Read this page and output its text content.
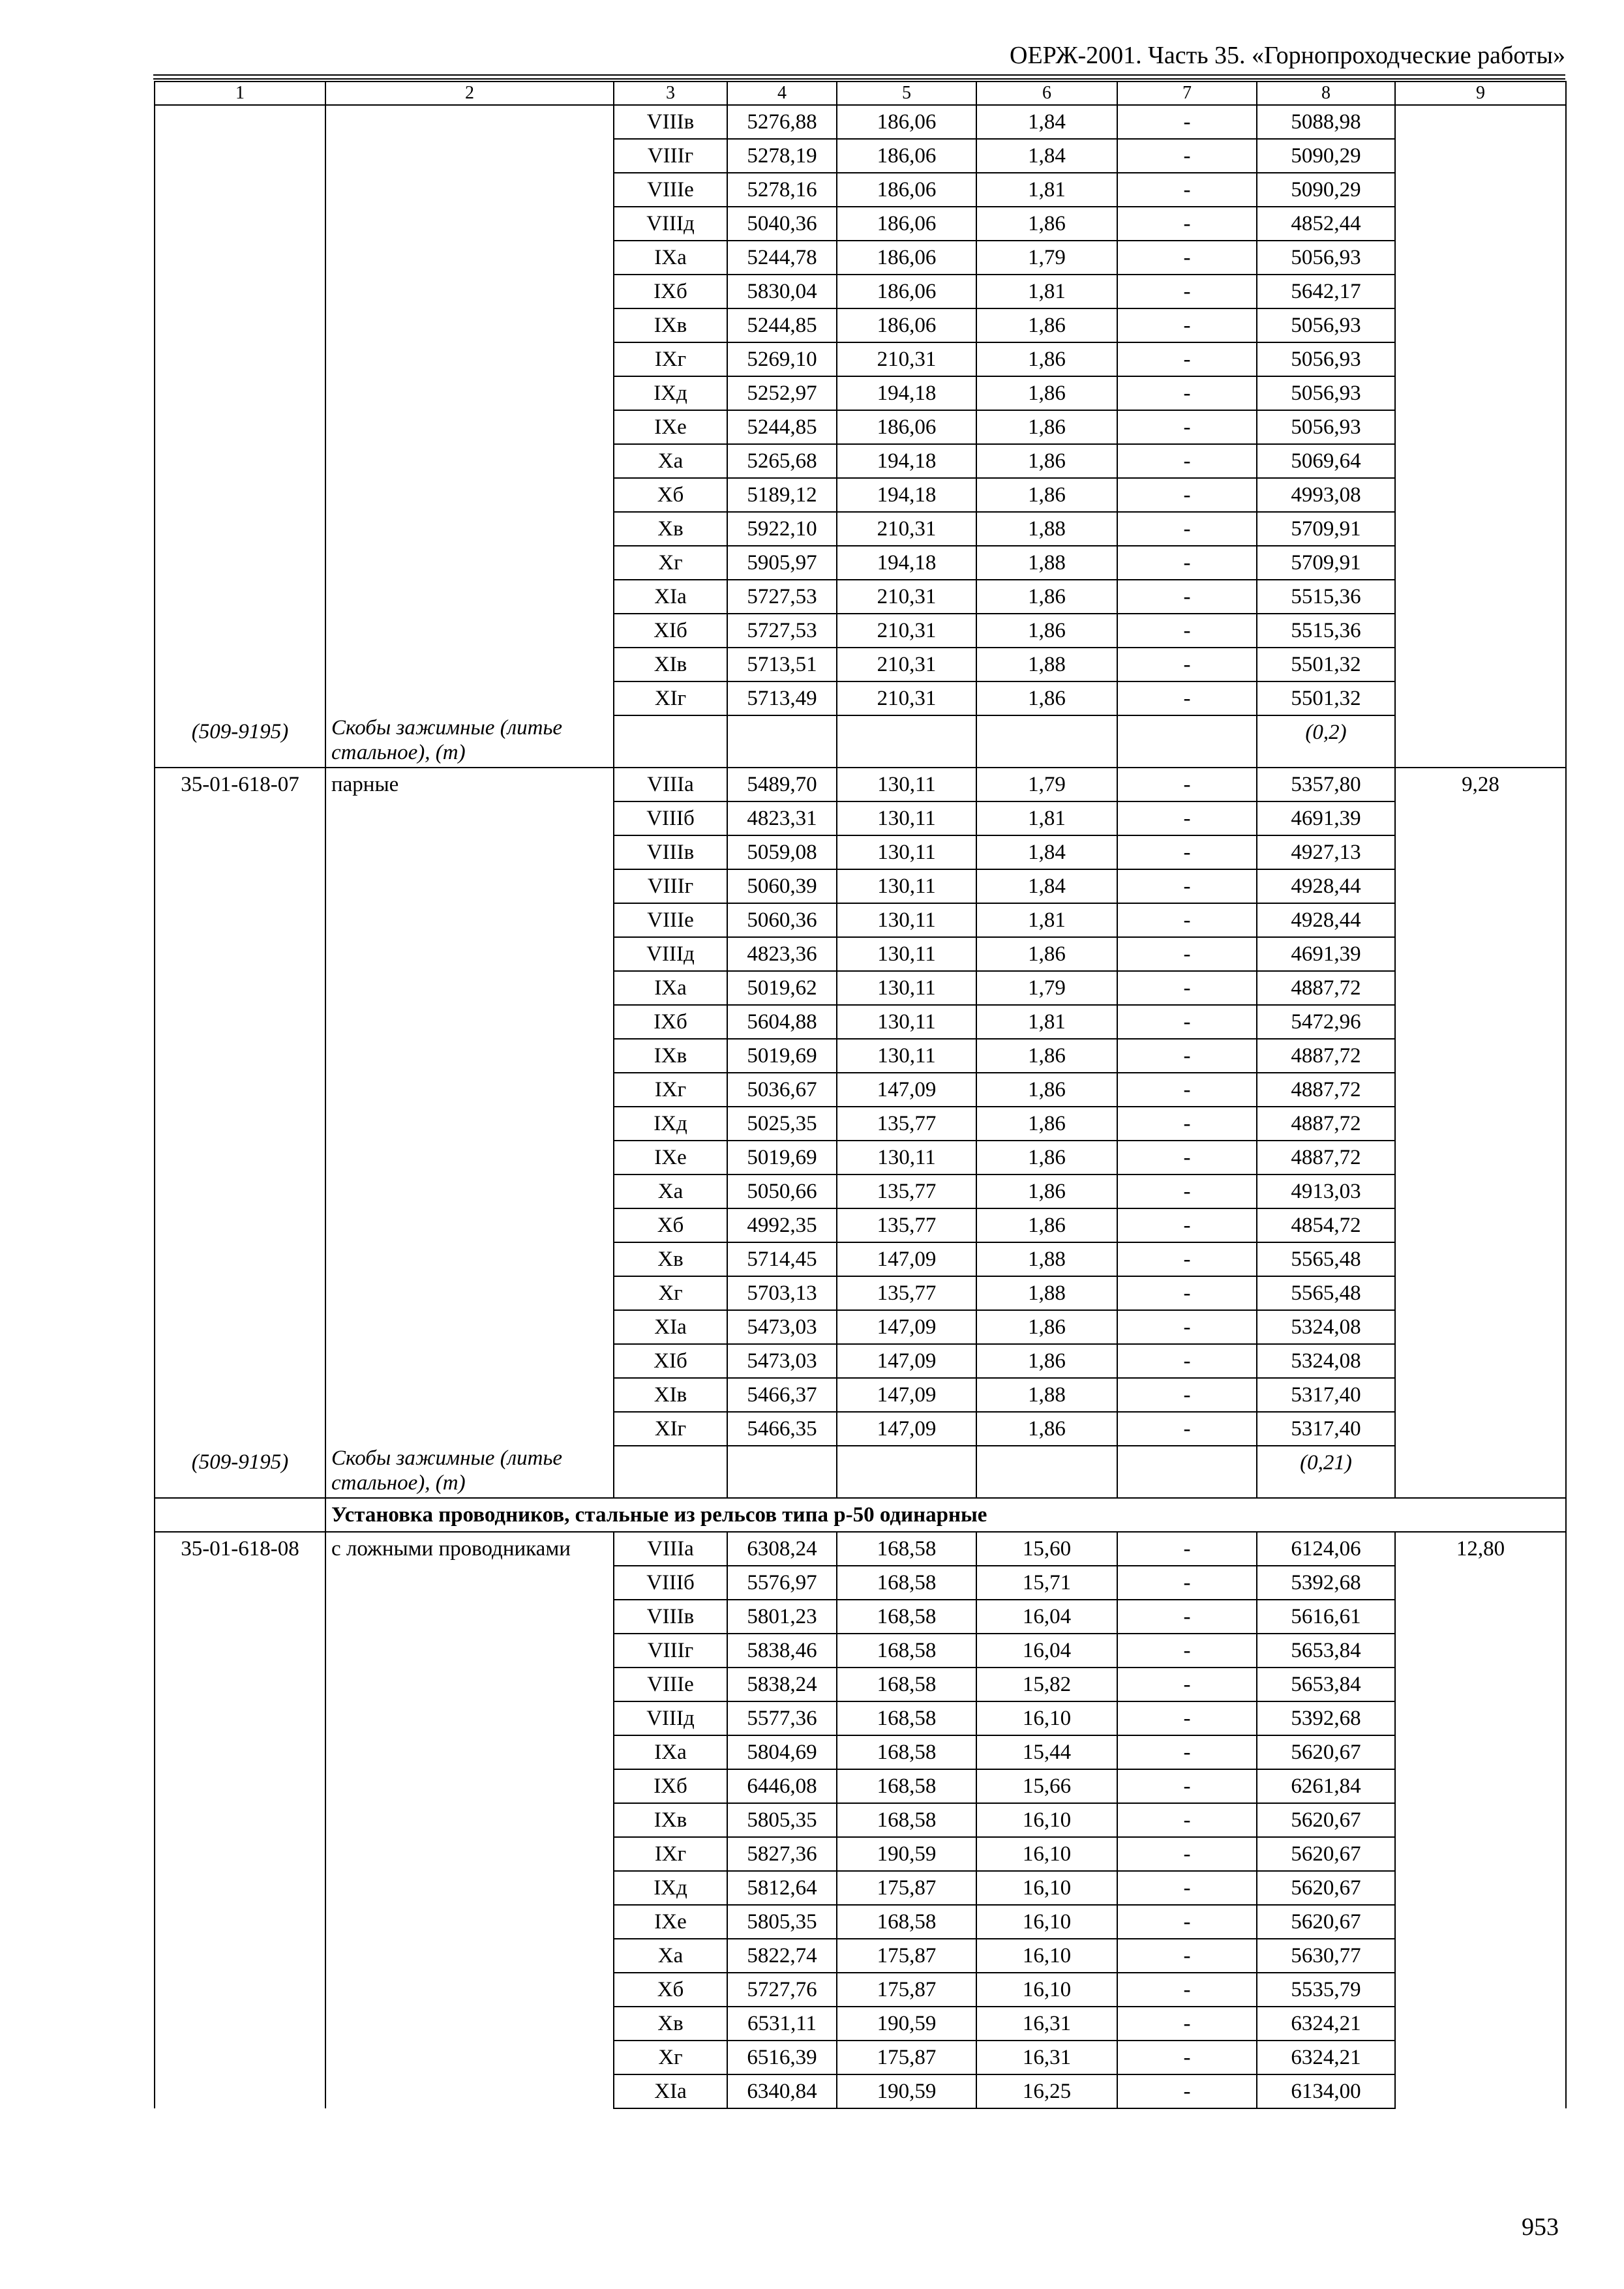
ОЕРЖ-2001. Часть 35. «Горнопроходческие работы»
1	2	3	4	5	6	7	8	9
		VIIIв	5276,88	186,06	1,84	-	5088,98	
		VIIIг	5278,19	186,06	1,84	-	5090,29	
		VIIIe	5278,16	186,06	1,81	-	5090,29	
		VIIIд	5040,36	186,06	1,86	-	4852,44	
		IXa	5244,78	186,06	1,79	-	5056,93	
		IXб	5830,04	186,06	1,81	-	5642,17	
		IXв	5244,85	186,06	1,86	-	5056,93	
		IXг	5269,10	210,31	1,86	-	5056,93	
		IXд	5252,97	194,18	1,86	-	5056,93	
		IXe	5244,85	186,06	1,86	-	5056,93	
		Xa	5265,68	194,18	1,86	-	5069,64	
		Xб	5189,12	194,18	1,86	-	4993,08	
		Xв	5922,10	210,31	1,88	-	5709,91	
		Xг	5905,97	194,18	1,88	-	5709,91	
		XIa	5727,53	210,31	1,86	-	5515,36	
		XIб	5727,53	210,31	1,86	-	5515,36	
		XIв	5713,51	210,31	1,88	-	5501,32	
		XIг	5713,49	210,31	1,86	-	5501,32	
(509-9195)	Скобы зажимные (литье стальное), (т)						(0,2)	
35-01-618-07	парные	VIIIa	5489,70	130,11	1,79	-	5357,80	9,28
		VIIIб	4823,31	130,11	1,81	-	4691,39	
		VIIIв	5059,08	130,11	1,84	-	4927,13	
		VIIIг	5060,39	130,11	1,84	-	4928,44	
		VIIIe	5060,36	130,11	1,81	-	4928,44	
		VIIIд	4823,36	130,11	1,86	-	4691,39	
		IXa	5019,62	130,11	1,79	-	4887,72	
		IXб	5604,88	130,11	1,81	-	5472,96	
		IXв	5019,69	130,11	1,86	-	4887,72	
		IXг	5036,67	147,09	1,86	-	4887,72	
		IXд	5025,35	135,77	1,86	-	4887,72	
		IXe	5019,69	130,11	1,86	-	4887,72	
		Xa	5050,66	135,77	1,86	-	4913,03	
		Xб	4992,35	135,77	1,86	-	4854,72	
		Xв	5714,45	147,09	1,88	-	5565,48	
		Xг	5703,13	135,77	1,88	-	5565,48	
		XIa	5473,03	147,09	1,86	-	5324,08	
		XIб	5473,03	147,09	1,86	-	5324,08	
		XIв	5466,37	147,09	1,88	-	5317,40	
		XIг	5466,35	147,09	1,86	-	5317,40	
(509-9195)	Скобы зажимные (литье стальное), (т)						(0,21)	
	Установка проводников, стальные из рельсов типа р-50 одинарные							
35-01-618-08	с ложными проводниками	VIIIa	6308,24	168,58	15,60	-	6124,06	12,80
		VIIIб	5576,97	168,58	15,71	-	5392,68	
		VIIIв	5801,23	168,58	16,04	-	5616,61	
		VIIIг	5838,46	168,58	16,04	-	5653,84	
		VIIIe	5838,24	168,58	15,82	-	5653,84	
		VIIIд	5577,36	168,58	16,10	-	5392,68	
		IXa	5804,69	168,58	15,44	-	5620,67	
		IXб	6446,08	168,58	15,66	-	6261,84	
		IXв	5805,35	168,58	16,10	-	5620,67	
		IXг	5827,36	190,59	16,10	-	5620,67	
		IXд	5812,64	175,87	16,10	-	5620,67	
		IXe	5805,35	168,58	16,10	-	5620,67	
		Xa	5822,74	175,87	16,10	-	5630,77	
		Xб	5727,76	175,87	16,10	-	5535,79	
		Xв	6531,11	190,59	16,31	-	6324,21	
		Xг	6516,39	175,87	16,31	-	6324,21	
		XIa	6340,84	190,59	16,25	-	6134,00	
953
